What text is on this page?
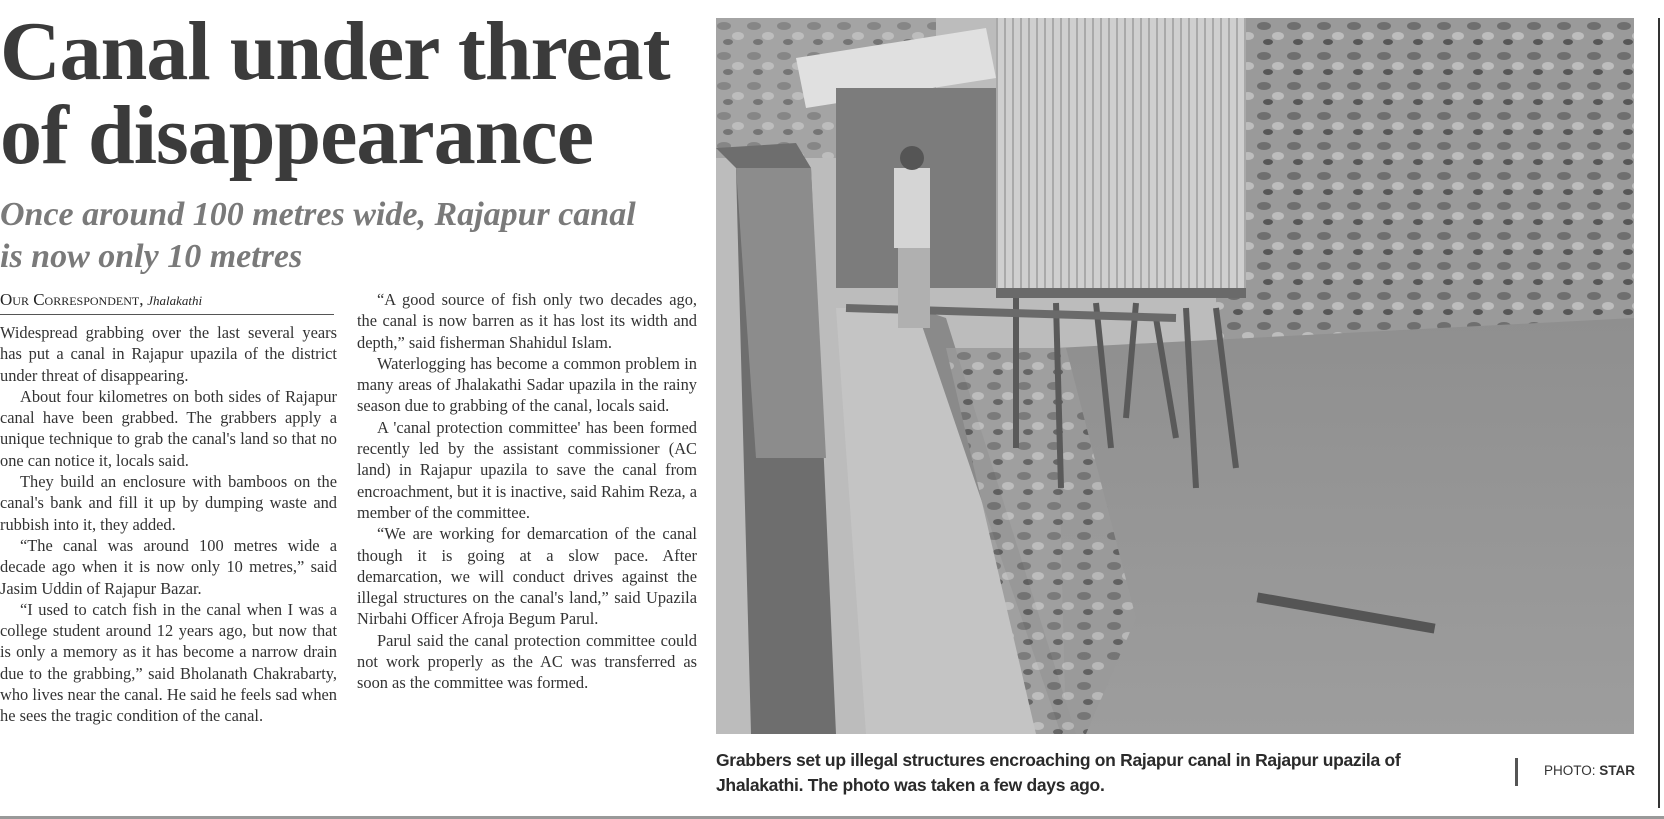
Canal under threat
of disappearance
Once around 100 metres wide, Rajapur canal
is now only 10 metres
Our Correspondent, Jhalakathi

Widespread grabbing over the last several years has put a canal in Rajapur upazila of the district under threat of disappearing.

About four kilometres on both sides of Rajapur canal have been grabbed. The grabbers apply a unique technique to grab the canal's land so that no one can notice it, locals said.

They build an enclosure with bamboos on the canal's bank and fill it up by dumping waste and rubbish into it, they added.

“The canal was around 100 metres wide a decade ago when it is now only 10 metres,” said Jasim Uddin of Rajapur Bazar.

“I used to catch fish in the canal when I was a college student around 12 years ago, but now that is only a memory as it has become a narrow drain due to the grabbing,” said Bholanath Chakrabarty, who lives near the canal. He said he feels sad when he sees the tragic condition of the canal.

“A good source of fish only two decades ago, the canal is now barren as it has lost its width and depth,” said fisherman Shahidul Islam.

Waterlogging has become a common problem in many areas of Jhalakathi Sadar upazila in the rainy season due to grabbing of the canal, locals said.

A 'canal protection committee' has been formed recently led by the assistant commissioner (AC land) in Rajapur upazila to save the canal from encroachment, but it is inactive, said Rahim Reza, a member of the committee.

“We are working for demarcation of the canal though it is going at a slow pace. After demarcation, we will conduct drives against the illegal structures on the canal's land,” said Upazila Nirbahi Officer Afroja Begum Parul.

Parul said the canal protection committee could not work properly as the AC was transferred as soon as the committee was formed.

Grabbers set up illegal structures encroaching on Rajapur canal in Rajapur upazila of Jhalakathi. The photo was taken a few days ago.
PHOTO: STAR
